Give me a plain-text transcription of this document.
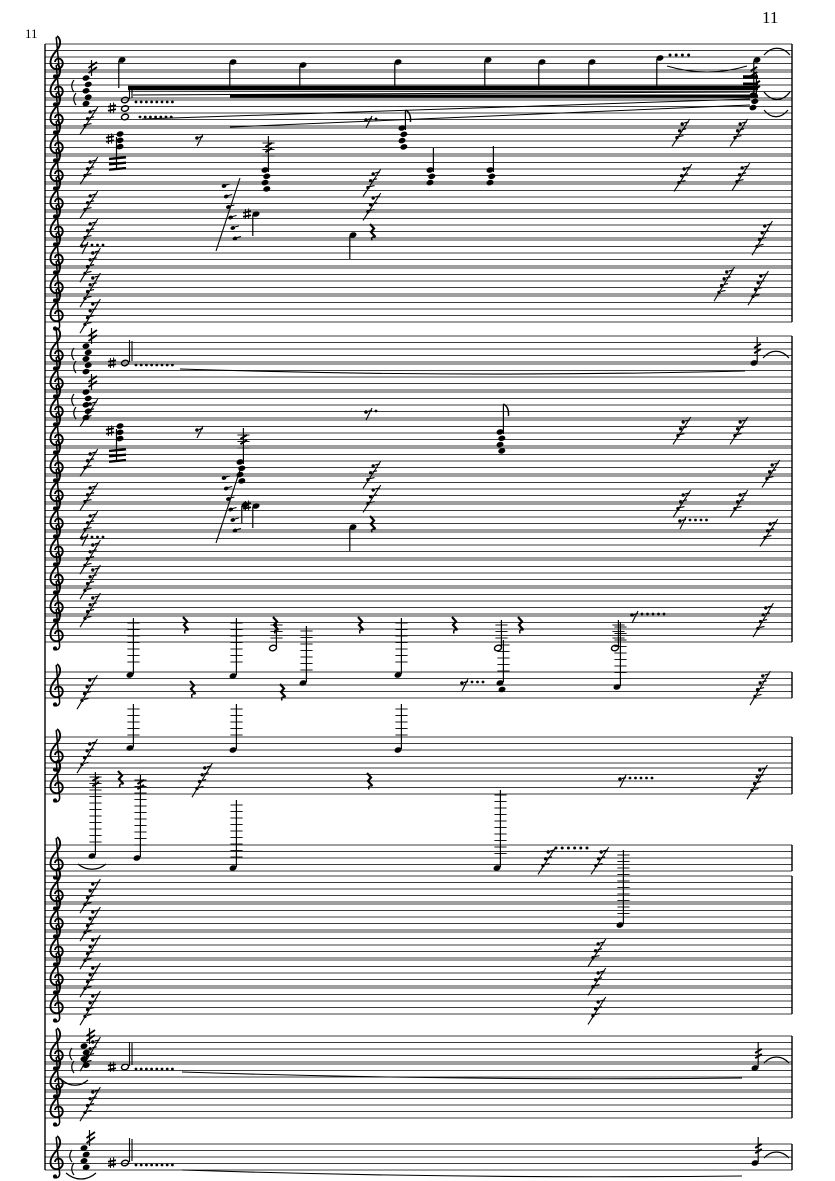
11
11
